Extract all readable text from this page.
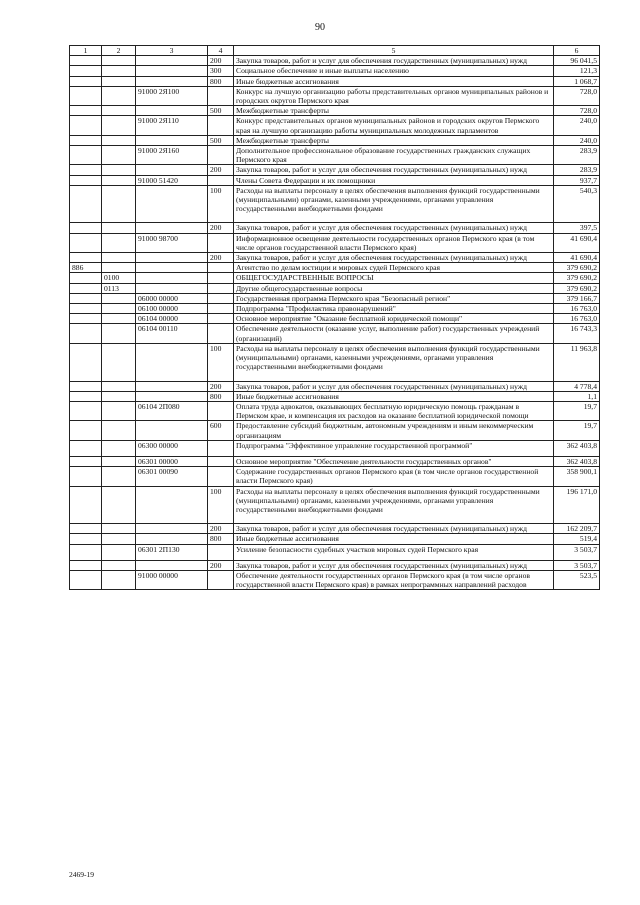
90
1	2	3	4	5	6
			200	Закупка товаров, работ и услуг для обеспечения государственных (муниципальных) нужд	96 041,5
			300	Социальное обеспечение и иные выплаты населению	121,3
			800	Иные бюджетные ассигнования	1 068,7
		91000 2Я100		Конкурс на лучшую организацию работы представительных органов муниципальных районов и городских округов Пермского края	728,0
			500	Межбюджетные трансферты	728,0
		91000 2Я110		Конкурс представительных органов муниципальных районов и городских округов Пермского края на лучшую организацию работы муниципальных молодежных парламентов	240,0
			500	Межбюджетные трансферты	240,0
		91000 2Я160		Дополнительное профессиональное образование государственных гражданских служащих Пермского края	283,9
			200	Закупка товаров, работ и услуг для обеспечения государственных (муниципальных) нужд	283,9
		91000 51420		Члены Совета Федерации и их помощники	937,7
			100	Расходы на выплаты персоналу в целях обеспечения выполнения функций государственными (муниципальными) органами, казенными учреждениями, органами управления государственными внебюджетными фондами	540,3
			200	Закупка товаров, работ и услуг для обеспечения государственных (муниципальных) нужд	397,5
		91000 98700		Информационное освещение деятельности государственных органов Пермского края (в том числе органов государственной власти Пермского края)	41 690,4
			200	Закупка товаров, работ и услуг для обеспечения государственных (муниципальных) нужд	41 690,4
886				Агентство по делам юстиции и мировых судей Пермского края	379 690,2
	0100			ОБЩЕГОСУДАРСТВЕННЫЕ ВОПРОСЫ	379 690,2
	0113			Другие общегосударственные вопросы	379 690,2
		06000 00000		Государственная программа Пермского края "Безопасный регион"	379 166,7
		06100 00000		Подпрограмма "Профилактика правонарушений"	16 763,0
		06104 00000		Основное мероприятие "Оказание бесплатной юридической помощи"	16 763,0
		06104 00110		Обеспечение деятельности (оказание услуг, выполнение работ) государственных учреждений (организаций)	16 743,3
			100	Расходы на выплаты персоналу в целях обеспечения выполнения функций государственными (муниципальными) органами, казенными учреждениями, органами управления государственными внебюджетными фондами	11 963,8
			200	Закупка товаров, работ и услуг для обеспечения государственных (муниципальных) нужд	4 778,4
			800	Иные бюджетные ассигнования	1,1
		06104 2П080		Оплата труда адвокатов, оказывающих бесплатную юридическую помощь гражданам в Пермском крае, и компенсация их расходов на оказание бесплатной юридической помощи	19,7
			600	Предоставление субсидий бюджетным, автономным учреждениям и иным некоммерческим организациям	19,7
		06300 00000		Подпрограмма "Эффективное управление государственной программой"	362 403,8
		06301 00000		Основное мероприятие "Обеспечение деятельности государственных органов"	362 403,8
		06301 00090		Содержание государственных органов Пермского края (в том числе органов государственной власти Пермского края)	358 900,1
			100	Расходы на выплаты персоналу в целях обеспечения выполнения функций государственными (муниципальными) органами, казенными учреждениями, органами управления государственными внебюджетными фондами	196 171,0
			200	Закупка товаров, работ и услуг для обеспечения государственных (муниципальных) нужд	162 209,7
			800	Иные бюджетные ассигнования	519,4
		06301 2П130		Усиление безопасности судебных участков мировых судей Пермского края	3 503,7
			200	Закупка товаров, работ и услуг для обеспечения государственных (муниципальных) нужд	3 503,7
		91000 00000		Обеспечение деятельности государственных органов Пермского края (в том числе органов государственной власти Пермского края) в рамках непрограммных направлений расходов	523,5
2469-19
